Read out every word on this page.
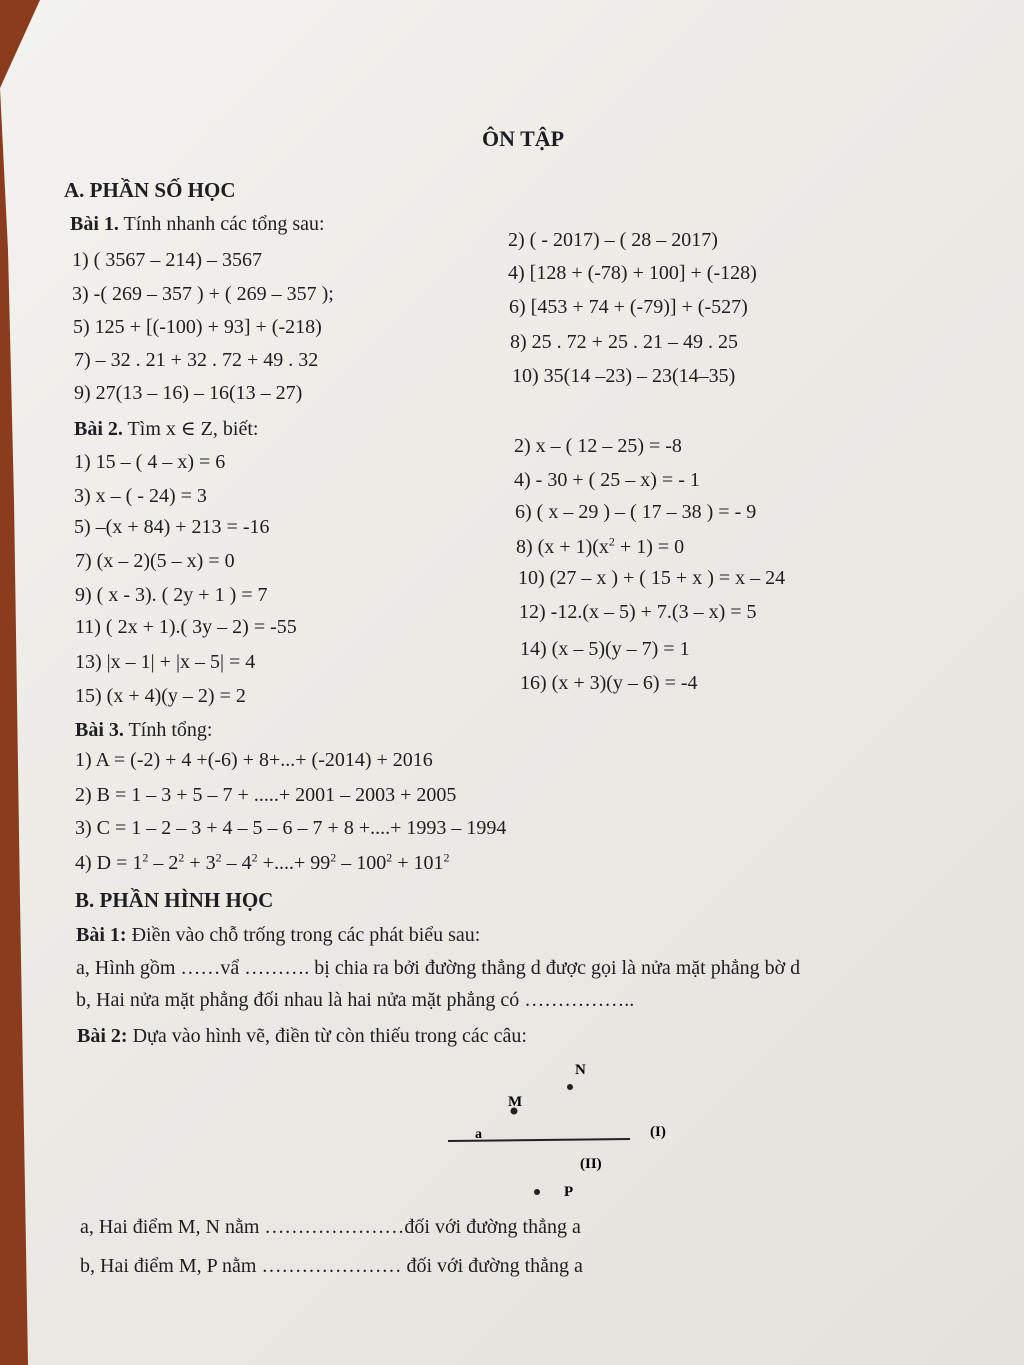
ÔN TẬP
A. PHẦN SỐ HỌC
Bài 1. Tính nhanh các tổng sau:
1) ( 3567 – 214) – 3567
2) ( - 2017) – ( 28 – 2017)
3) -( 269 – 357 ) + ( 269 – 357 );
4) [128 + (-78) + 100] + (-128)
5) 125 + [(-100) + 93] + (-218)
6) [453 + 74 + (-79)] + (-527)
7) – 32 . 21 + 32 . 72 + 49 . 32
8) 25 . 72 + 25 . 21 – 49 . 25
9) 27(13 – 16) – 16(13 – 27)
10) 35(14 –23) – 23(14–35)
Bài 2. Tìm x ∈ Z, biết:
1) 15 – ( 4 – x) = 6
2) x – ( 12 – 25) = -8
3) x – ( - 24) = 3
4) - 30 + ( 25 – x) = - 1
5) –(x + 84) + 213 = -16
6) ( x – 29 ) – ( 17 – 38 ) = - 9
7) (x – 2)(5 – x) = 0
8) $(x + 1)(x^2 + 1) = 0$
9) ( x - 3). ( 2y + 1 ) = 7
10) (27 – x ) + ( 15 + x ) = x – 24
11) ( 2x + 1).( 3y – 2) = -55
12) -12.(x – 5) + 7.(3 – x) = 5
13) |x – 1| + |x – 5| = 4
14) (x – 5)(y – 7) = 1
15) (x + 4)(y – 2) = 2
16) (x + 3)(y – 6) = -4
Bài 3. Tính tổng:
1) A = (-2) + 4 +(-6) + 8+...+ (-2014) + 2016
2) B = 1 – 3 + 5 – 7 + .....+ 2001 – 2003 + 2005
3) C = 1 – 2 – 3 + 4 – 5 – 6 – 7 + 8 +....+ 1993 – 1994
4) $D = 1^2 - 2^2 + 3^2 - 4^2$ +....+ $99^2 - 100^2 + 101^2$
B. PHẦN HÌNH HỌC
Bài 1: Điền vào chỗ trống trong các phát biểu sau:
a, Hình gồm ……vẩ ………. bị chia ra bởi đường thẳng d được gọi là nửa mặt phẳng bờ d
b, Hai nửa mặt phẳng đối nhau là hai nửa mặt phẳng có ……………..
Bài 2: Dựa vào hình vẽ, điền từ còn thiếu trong các câu:
a
M
N
P
(I)
(II)
a, Hai điểm M, N nằm …………………đối với đường thẳng a
b, Hai điểm M, P nằm ………………… đối với đường thẳng a
